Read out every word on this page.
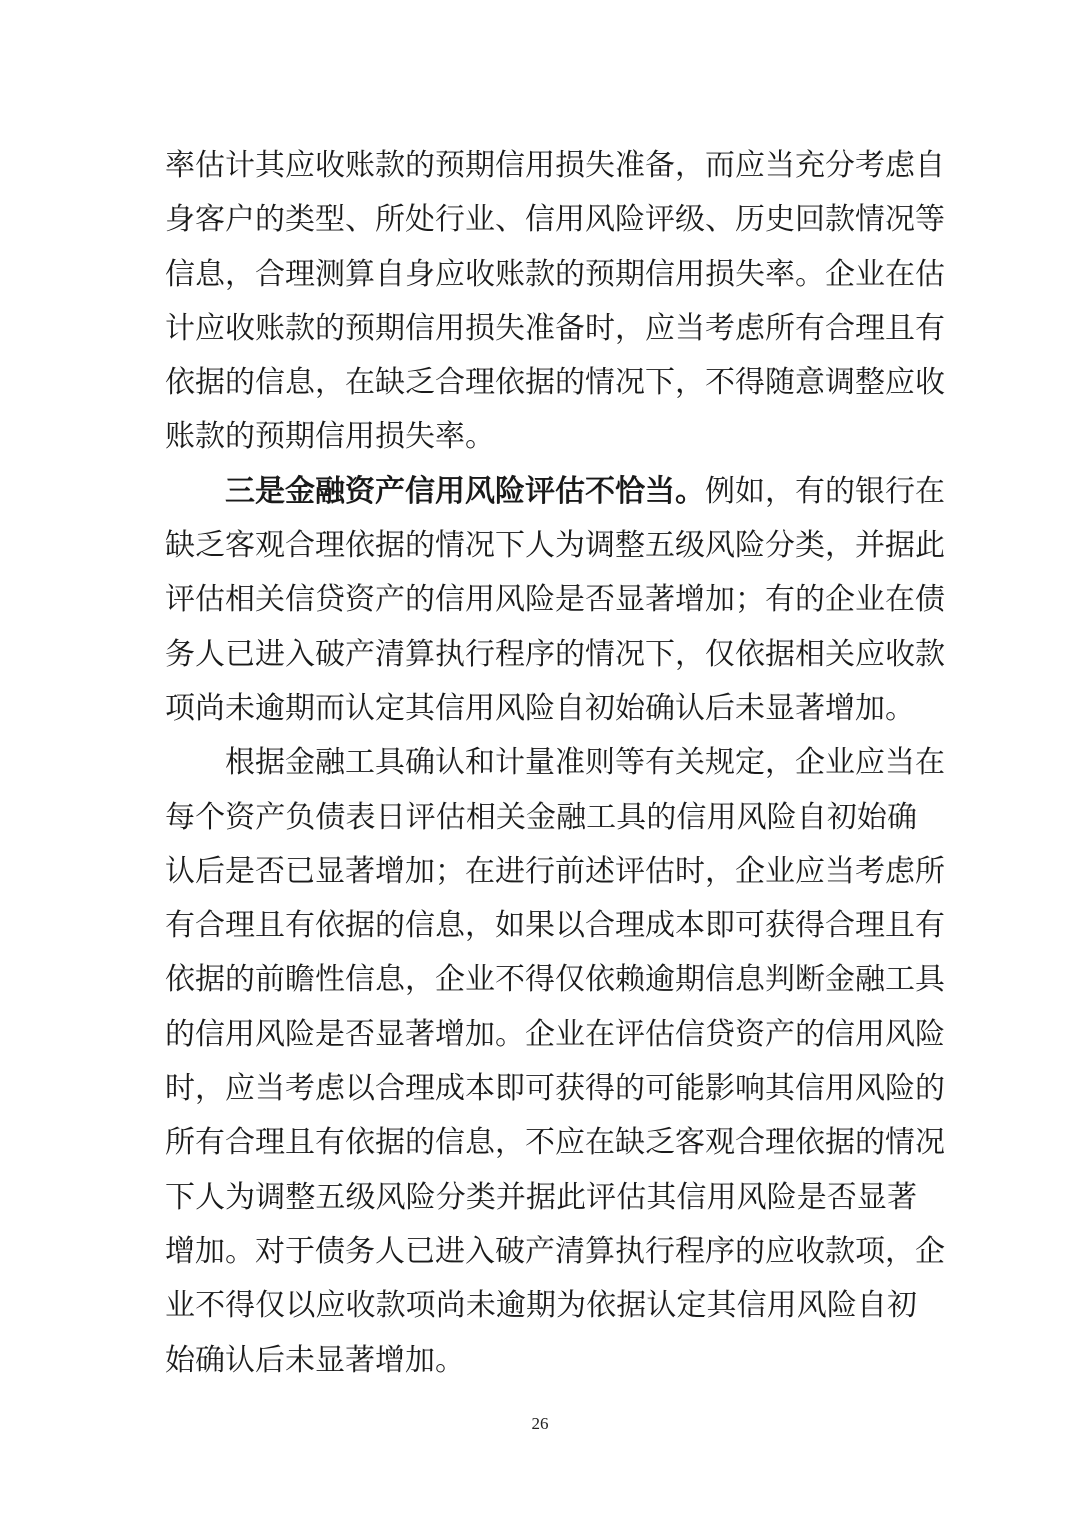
率估计其应收账款的预期信用损失准备，而应当充分考虑自
身客户的类型、所处行业、信用风险评级、历史回款情况等
信息，合理测算自身应收账款的预期信用损失率。企业在估
计应收账款的预期信用损失准备时，应当考虑所有合理且有
依据的信息，在缺乏合理依据的情况下，不得随意调整应收
账款的预期信用损失率。
三是金融资产信用风险评估不恰当。例如，有的银行在
缺乏客观合理依据的情况下人为调整五级风险分类，并据此
评估相关信贷资产的信用风险是否显著增加；有的企业在债
务人已进入破产清算执行程序的情况下，仅依据相关应收款
项尚未逾期而认定其信用风险自初始确认后未显著增加。
根据金融工具确认和计量准则等有关规定，企业应当在
每个资产负债表日评估相关金融工具的信用风险自初始确
认后是否已显著增加；在进行前述评估时，企业应当考虑所
有合理且有依据的信息，如果以合理成本即可获得合理且有
依据的前瞻性信息，企业不得仅依赖逾期信息判断金融工具
的信用风险是否显著增加。企业在评估信贷资产的信用风险
时，应当考虑以合理成本即可获得的可能影响其信用风险的
所有合理且有依据的信息，不应在缺乏客观合理依据的情况
下人为调整五级风险分类并据此评估其信用风险是否显著
增加。对于债务人已进入破产清算执行程序的应收款项，企
业不得仅以应收款项尚未逾期为依据认定其信用风险自初
始确认后未显著增加。
26
